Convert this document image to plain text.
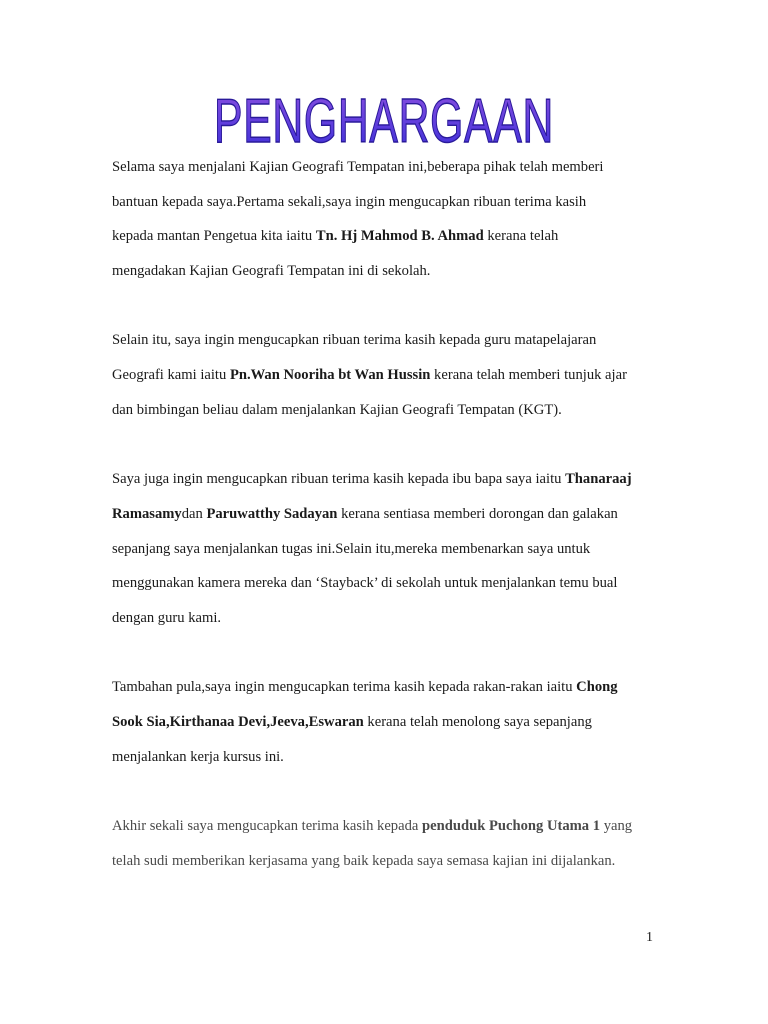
PENGHARGAAN
Selama saya menjalani Kajian Geografi Tempatan ini,beberapa pihak telah memberi
bantuan kepada saya.Pertama sekali,saya ingin mengucapkan ribuan terima kasih
kepada mantan Pengetua kita iaitu Tn. Hj Mahmod B. Ahmad kerana telah
mengadakan Kajian Geografi Tempatan ini di sekolah.
Selain itu, saya ingin mengucapkan ribuan terima kasih kepada guru matapelajaran
Geografi kami iaitu Pn.Wan Nooriha bt Wan Hussin kerana telah memberi tunjuk ajar
dan bimbingan beliau dalam menjalankan Kajian Geografi Tempatan (KGT).
Saya juga ingin mengucapkan ribuan terima kasih kepada ibu bapa saya iaitu Thanaraaj
Ramasamydan Paruwatthy Sadayan kerana sentiasa memberi dorongan dan galakan
sepanjang saya menjalankan tugas ini.Selain itu,mereka membenarkan saya untuk
menggunakan kamera mereka dan ‘Stayback’ di sekolah untuk menjalankan temu bual
dengan guru kami.
Tambahan pula,saya ingin mengucapkan terima kasih kepada rakan-rakan iaitu Chong
Sook Sia,Kirthanaa Devi,Jeeva,Eswaran kerana telah menolong saya sepanjang
menjalankan kerja kursus ini.
Akhir sekali saya mengucapkan terima kasih kepada penduduk Puchong Utama 1 yang
telah sudi memberikan kerjasama yang baik kepada saya semasa kajian ini dijalankan.
1
